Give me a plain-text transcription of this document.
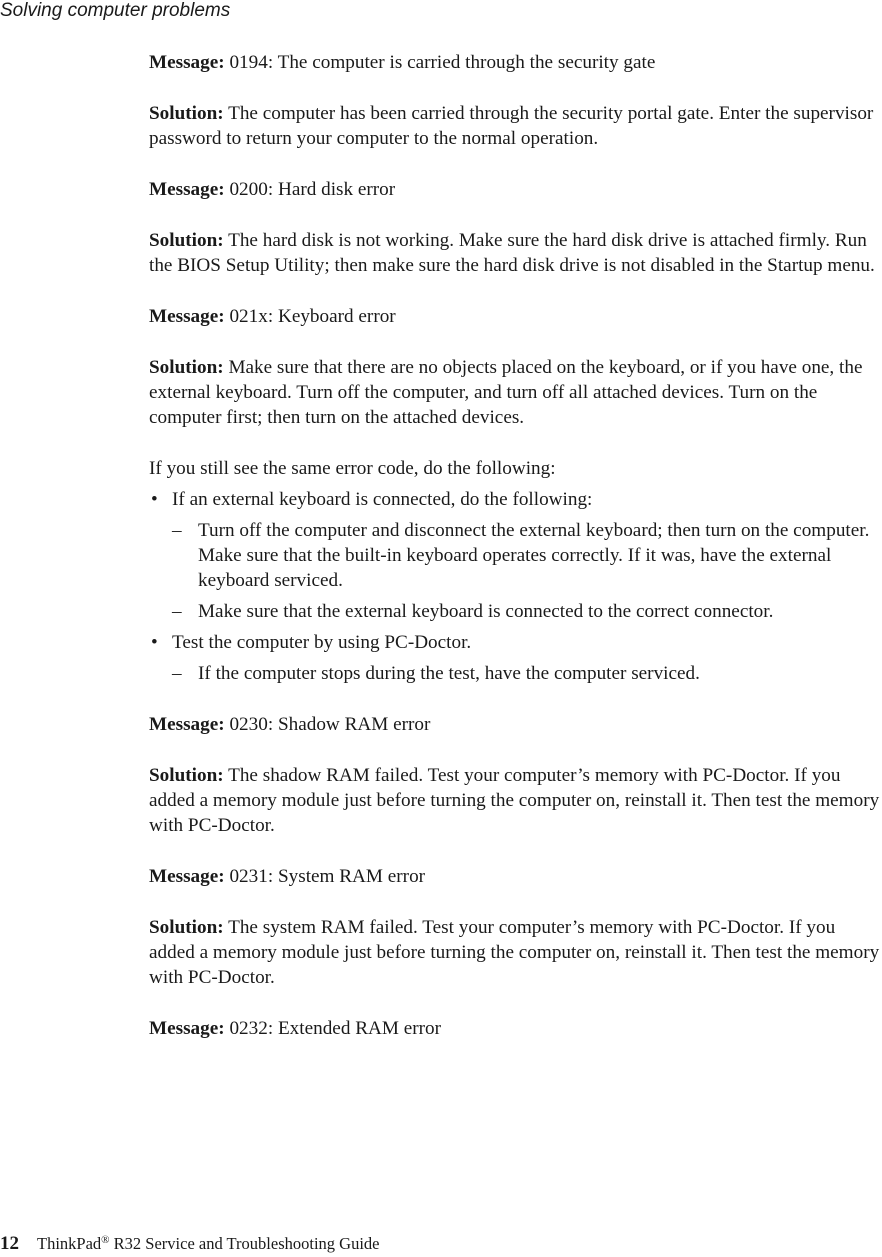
Solving computer problems

Message: 0194: The computer is carried through the security gate

Solution: The computer has been carried through the security portal gate. Enter the supervisor password to return your computer to the normal operation.

Message: 0200: Hard disk error

Solution: The hard disk is not working. Make sure the hard disk drive is attached firmly. Run the BIOS Setup Utility; then make sure the hard disk drive is not disabled in the Startup menu.

Message: 021x: Keyboard error

Solution: Make sure that there are no objects placed on the keyboard, or if you have one, the external keyboard. Turn off the computer, and turn off all attached devices. Turn on the computer first; then turn on the attached devices.

If you still see the same error code, do the following:

• If an external keyboard is connected, do the following:

– Turn off the computer and disconnect the external keyboard; then turn on the computer. Make sure that the built-in keyboard operates correctly. If it was, have the external keyboard serviced.

– Make sure that the external keyboard is connected to the correct connector.

• Test the computer by using PC-Doctor.

– If the computer stops during the test, have the computer serviced.

Message: 0230: Shadow RAM error

Solution: The shadow RAM failed. Test your computer’s memory with PC-Doctor. If you added a memory module just before turning the computer on, reinstall it. Then test the memory with PC-Doctor.

Message: 0231: System RAM error

Solution: The system RAM failed. Test your computer’s memory with PC-Doctor. If you added a memory module just before turning the computer on, reinstall it. Then test the memory with PC-Doctor.

Message: 0232: Extended RAM error

12 ThinkPad® R32 Service and Troubleshooting Guide
